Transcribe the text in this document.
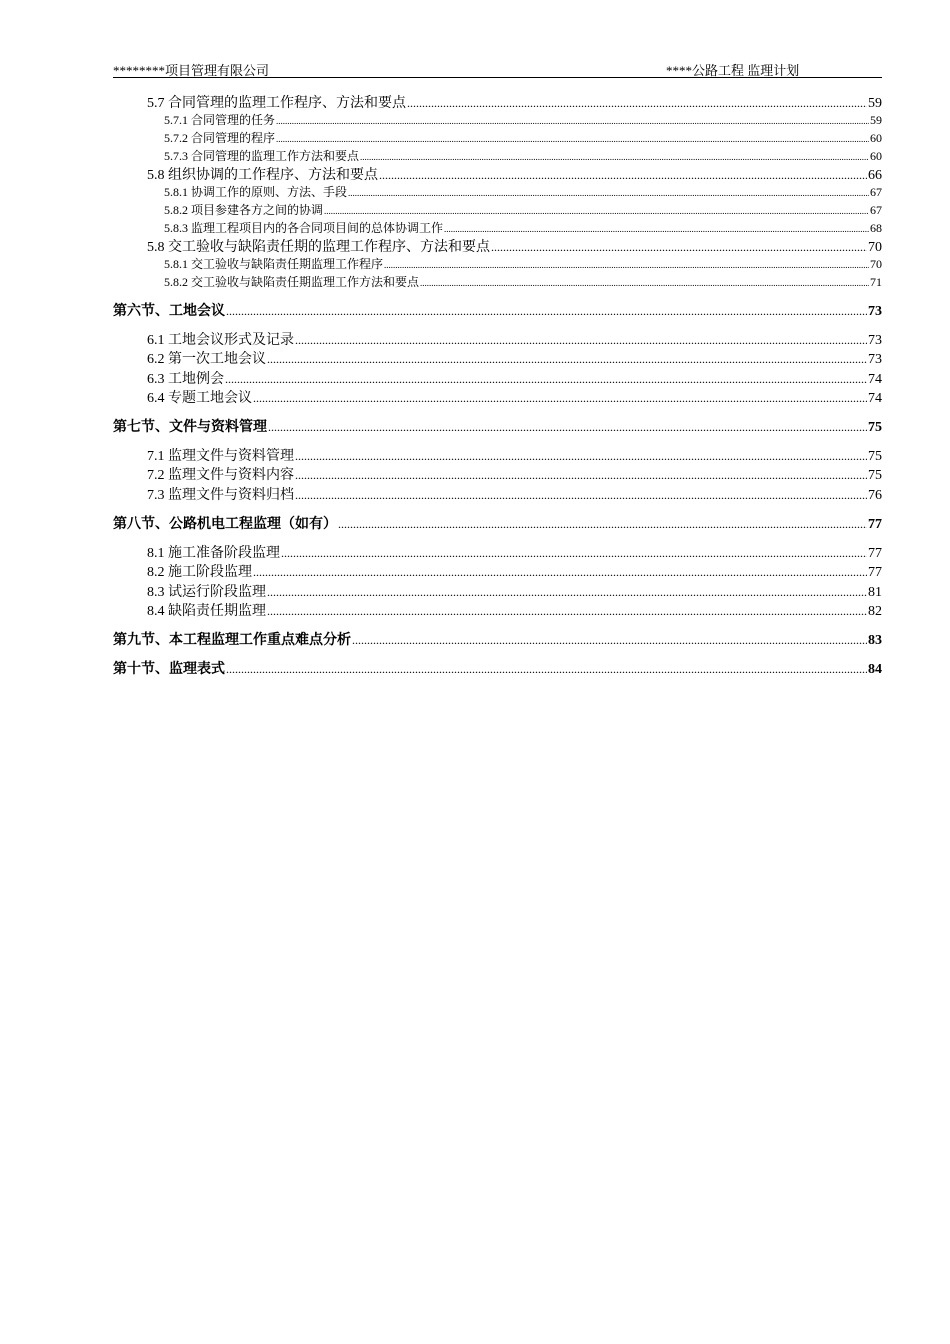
********项目管理有限公司	****公路工程 监理计划
5.7 合同管理的监理工作程序、方法和要点 .....	59
5.7.1 合同管理的任务 .....	59
5.7.2 合同管理的程序 .....	60
5.7.3 合同管理的监理工作方法和要点 .....	60
5.8 组织协调的工作程序、方法和要点 .....	66
5.8.1 协调工作的原则、方法、手段 .....	67
5.8.2 项目参建各方之间的协调 .....	67
5.8.3 监理工程项目内的各合同项目间的总体协调工作 .....	68
5.8 交工验收与缺陷责任期的监理工作程序、方法和要点 .....	70
5.8.1 交工验收与缺陷责任期监理工作程序 .....	70
5.8.2 交工验收与缺陷责任期监理工作方法和要点 .....	71
第六节、工地会议 .....	73
6.1 工地会议形式及记录 .....	73
6.2 第一次工地会议 .....	73
6.3 工地例会 .....	74
6.4 专题工地会议 .....	74
第七节、文件与资料管理 .....	75
7.1 监理文件与资料管理 .....	75
7.2 监理文件与资料内容 .....	75
7.3 监理文件与资料归档 .....	76
第八节、公路机电工程监理（如有） .....	77
8.1 施工准备阶段监理 .....	77
8.2 施工阶段监理 .....	77
8.3 试运行阶段监理 .....	81
8.4 缺陷责任期监理 .....	82
第九节、本工程监理工作重点难点分析 .....	83
第十节、监理表式 .....	84
